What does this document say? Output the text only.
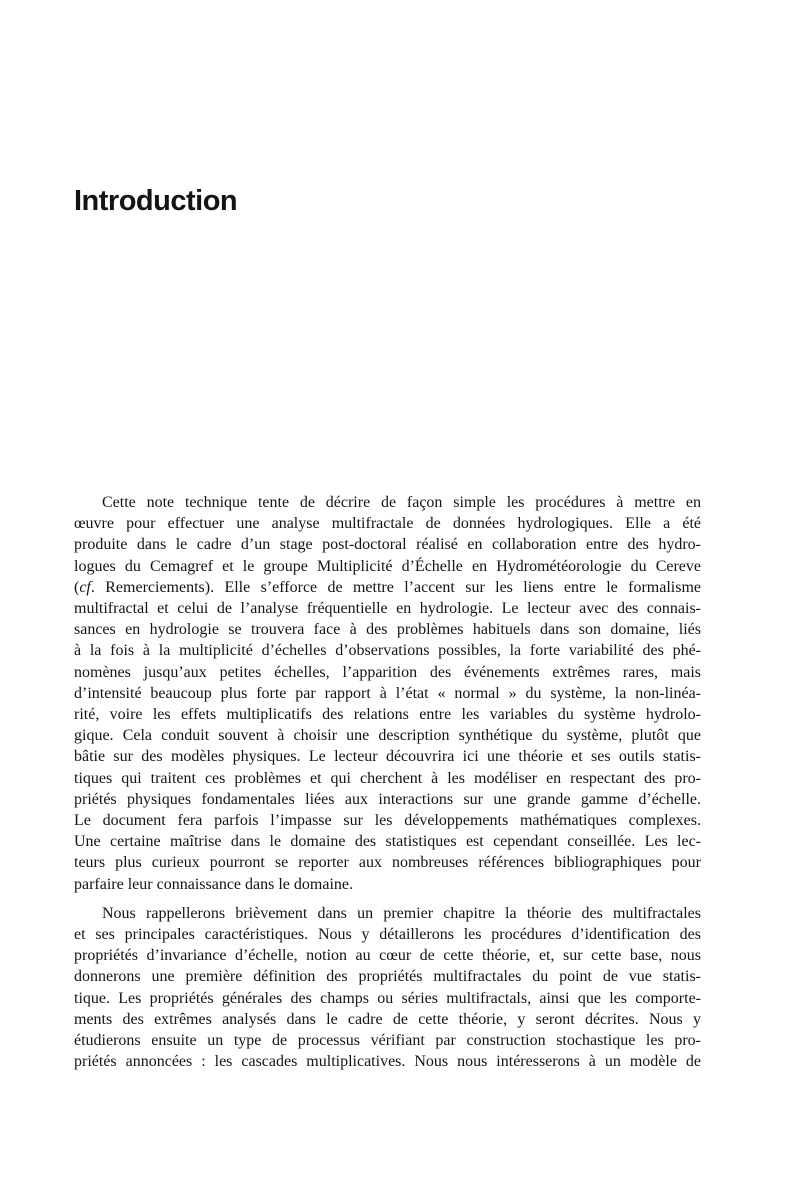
Introduction
Cette note technique tente de décrire de façon simple les procédures à mettre en
œuvre pour effectuer une analyse multifractale de données hydrologiques. Elle a été
produite dans le cadre d’un stage post-doctoral réalisé en collaboration entre des hydro-
logues du Cemagref et le groupe Multiplicité d’Échelle en Hydrométéorologie du Cereve
(cf. Remerciements). Elle s’efforce de mettre l’accent sur les liens entre le formalisme
multifractal et celui de l’analyse fréquentielle en hydrologie. Le lecteur avec des connais-
sances en hydrologie se trouvera face à des problèmes habituels dans son domaine, liés
à la fois à la multiplicité d’échelles d’observations possibles, la forte variabilité des phé-
nomènes jusqu’aux petites échelles, l’apparition des événements extrêmes rares, mais
d’intensité beaucoup plus forte par rapport à l’état « normal » du système, la non-linéa-
rité, voire les effets multiplicatifs des relations entre les variables du système hydrolo-
gique. Cela conduit souvent à choisir une description synthétique du système, plutôt que
bâtie sur des modèles physiques. Le lecteur découvrira ici une théorie et ses outils statis-
tiques qui traitent ces problèmes et qui cherchent à les modéliser en respectant des pro-
priétés physiques fondamentales liées aux interactions sur une grande gamme d’échelle.
Le document fera parfois l’impasse sur les développements mathématiques complexes.
Une certaine maîtrise dans le domaine des statistiques est cependant conseillée. Les lec-
teurs plus curieux pourront se reporter aux nombreuses références bibliographiques pour
parfaire leur connaissance dans le domaine.
Nous rappellerons brièvement dans un premier chapitre la théorie des multifractales
et ses principales caractéristiques. Nous y détaillerons les procédures d’identification des
propriétés d’invariance d’échelle, notion au cœur de cette théorie, et, sur cette base, nous
donnerons une première définition des propriétés multifractales du point de vue statis-
tique. Les propriétés générales des champs ou séries multifractals, ainsi que les comporte-
ments des extrêmes analysés dans le cadre de cette théorie, y seront décrites. Nous y
étudierons ensuite un type de processus vérifiant par construction stochastique les pro-
priétés annoncées : les cascades multiplicatives. Nous nous intéresserons à un modèle de
